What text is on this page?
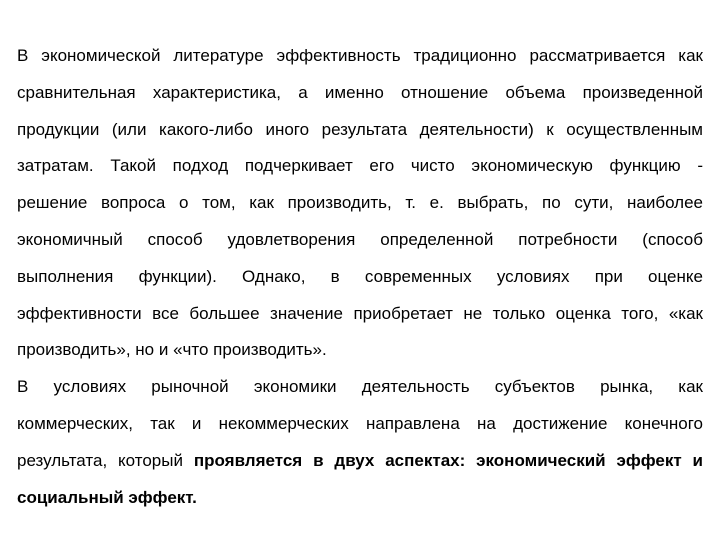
В экономической литературе эффективность традиционно рассматривается как
сравнительная характеристика, а именно отношение объема произведенной
продукции (или какого-либо иного результата деятельности) к осуществленным
затратам. Такой подход подчеркивает его чисто экономическую функцию -
решение вопроса о том, как производить, т. е. выбрать, по сути, наиболее
экономичный способ удовлетворения определенной потребности (способ
выполнения функции). Однако, в современных условиях при оценке
эффективности все большее значение приобретает не только оценка того, «как
производить», но и «что производить».
В условиях рыночной экономики деятельность субъектов рынка, как
коммерческих, так и некоммерческих направлена на достижение конечного
результата, который проявляется в двух аспектах: экономический эффект и
социальный эффект.
